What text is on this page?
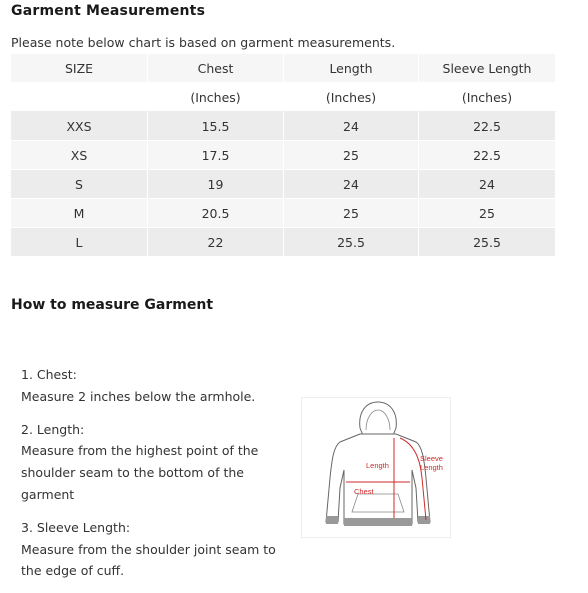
Garment Measurements
Please note below chart is based on garment measurements.
SIZE	Chest	Length	Sleeve Length
	(Inches)	(Inches)	(Inches)
XXS	15.5	24	22.5
XS	17.5	25	22.5
S	19	24	24
M	20.5	25	25
L	22	25.5	25.5
How to measure Garment
1. Chest:
Measure 2 inches below the armhole.
2. Length:
Measure from the highest point of the shoulder seam to the bottom of the garment
3. Sleeve Length:
Measure from the shoulder joint seam to the edge of cuff.
Length
Chest
Sleeve
Length
